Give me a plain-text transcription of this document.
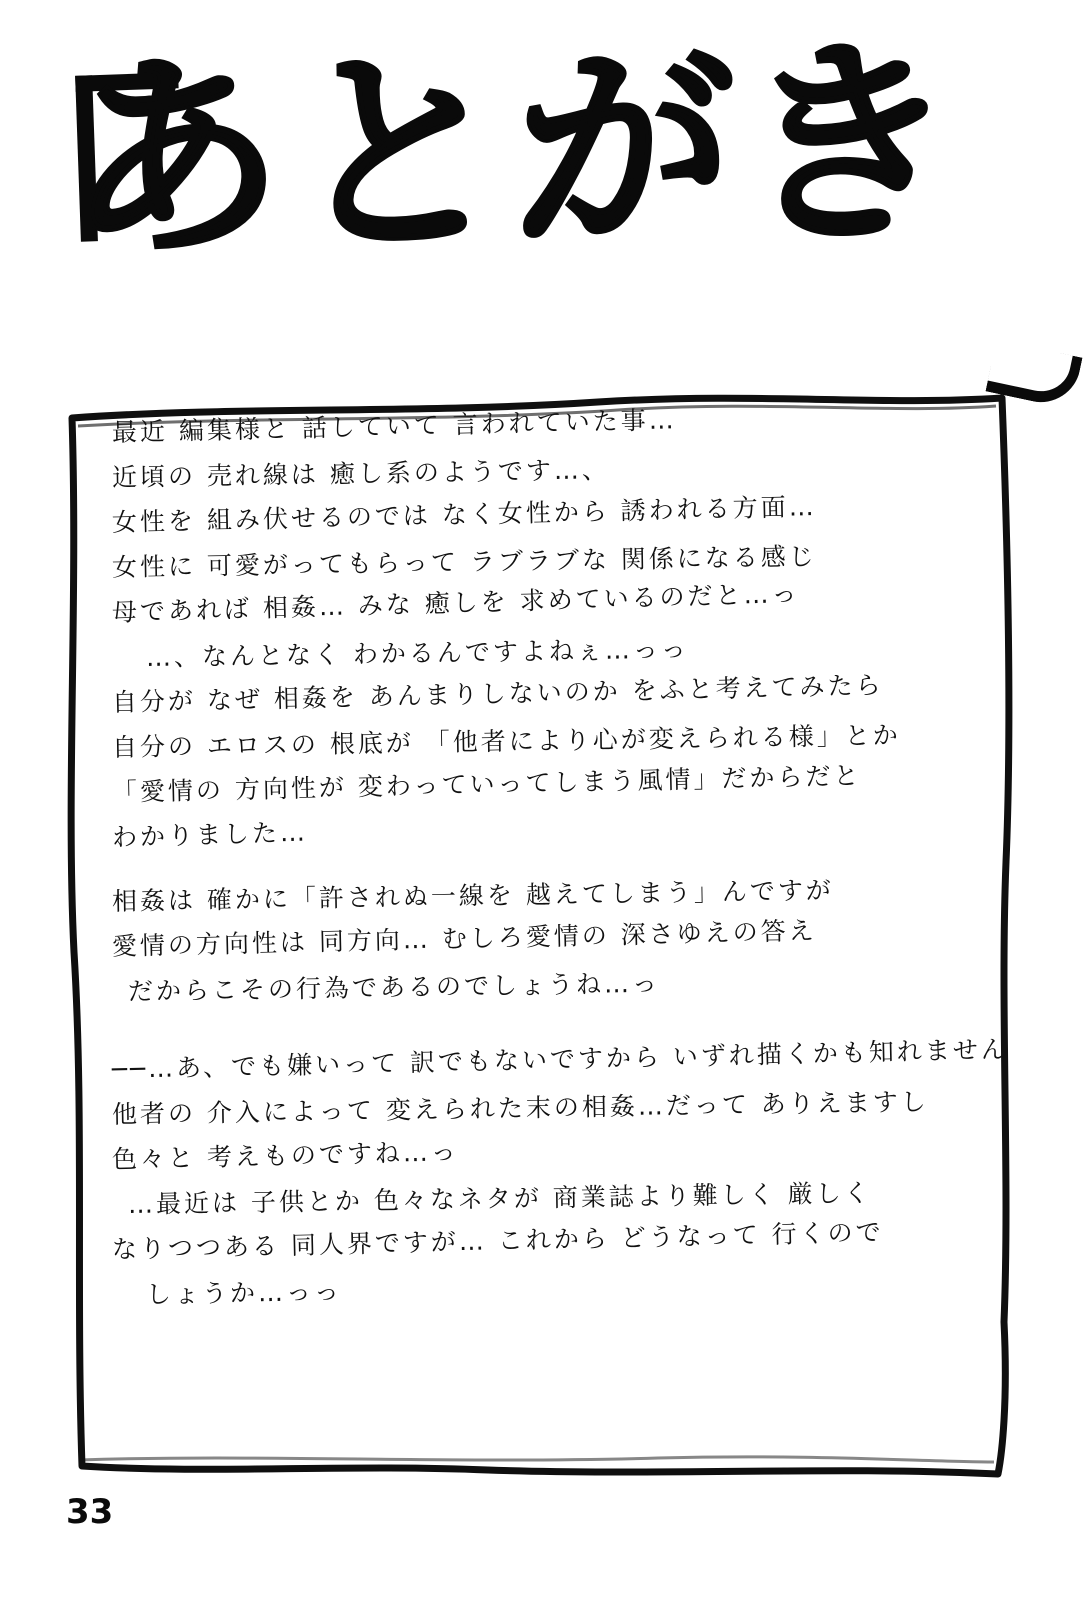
あとがき
最近 編集様と 話していて 言われていた事…
近頃の 売れ線は 癒し系のようです…、
女性を 組み伏せるのでは なく女性から 誘われる方面…
女性に 可愛がってもらって ラブラブな 関係になる感じ
母であれば 相姦… みな 癒しを 求めているのだと…っ
…、なんとなく わかるんですよねぇ…っっ
自分が なぜ 相姦を あんまりしないのか をふと考えてみたら
自分の エロスの 根底が 「他者により心が変えられる様」とか
「愛情の 方向性が 変わっていってしまう風情」だからだと
わかりました…
相姦は 確かに「許されぬ一線を 越えてしまう」んですが
愛情の方向性は 同方向… むしろ愛情の 深さゆえの答え
だからこその行為であるのでしょうね…っ
──…あ、でも嫌いって 訳でもないですから いずれ描くかも知れません
他者の 介入によって 変えられた末の相姦…だって ありえますし
色々と 考えものですね…っ
…最近は 子供とか 色々なネタが 商業誌より難しく 厳しく
なりつつある 同人界ですが… これから どうなって 行くので
しょうか…っっ
33
